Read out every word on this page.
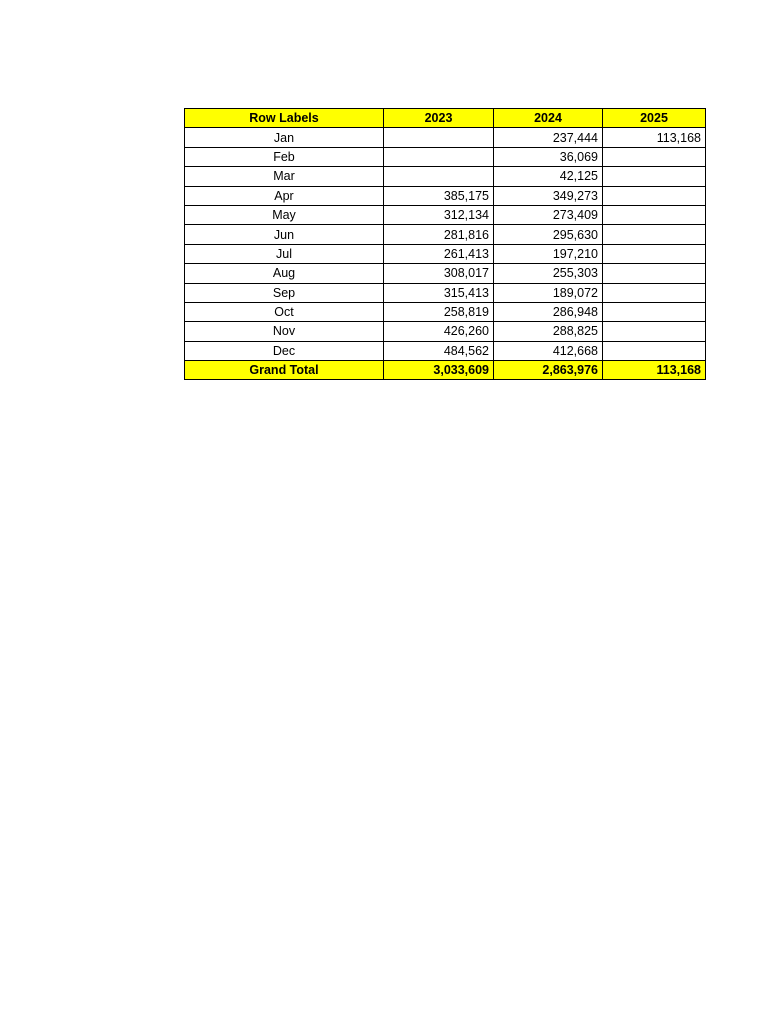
Row Labels	2023	2024	2025
Jan		237,444	113,168
Feb		36,069	
Mar		42,125	
Apr	385,175	349,273	
May	312,134	273,409	
Jun	281,816	295,630	
Jul	261,413	197,210	
Aug	308,017	255,303	
Sep	315,413	189,072	
Oct	258,819	286,948	
Nov	426,260	288,825	
Dec	484,562	412,668	
Grand Total	3,033,609	2,863,976	113,168
